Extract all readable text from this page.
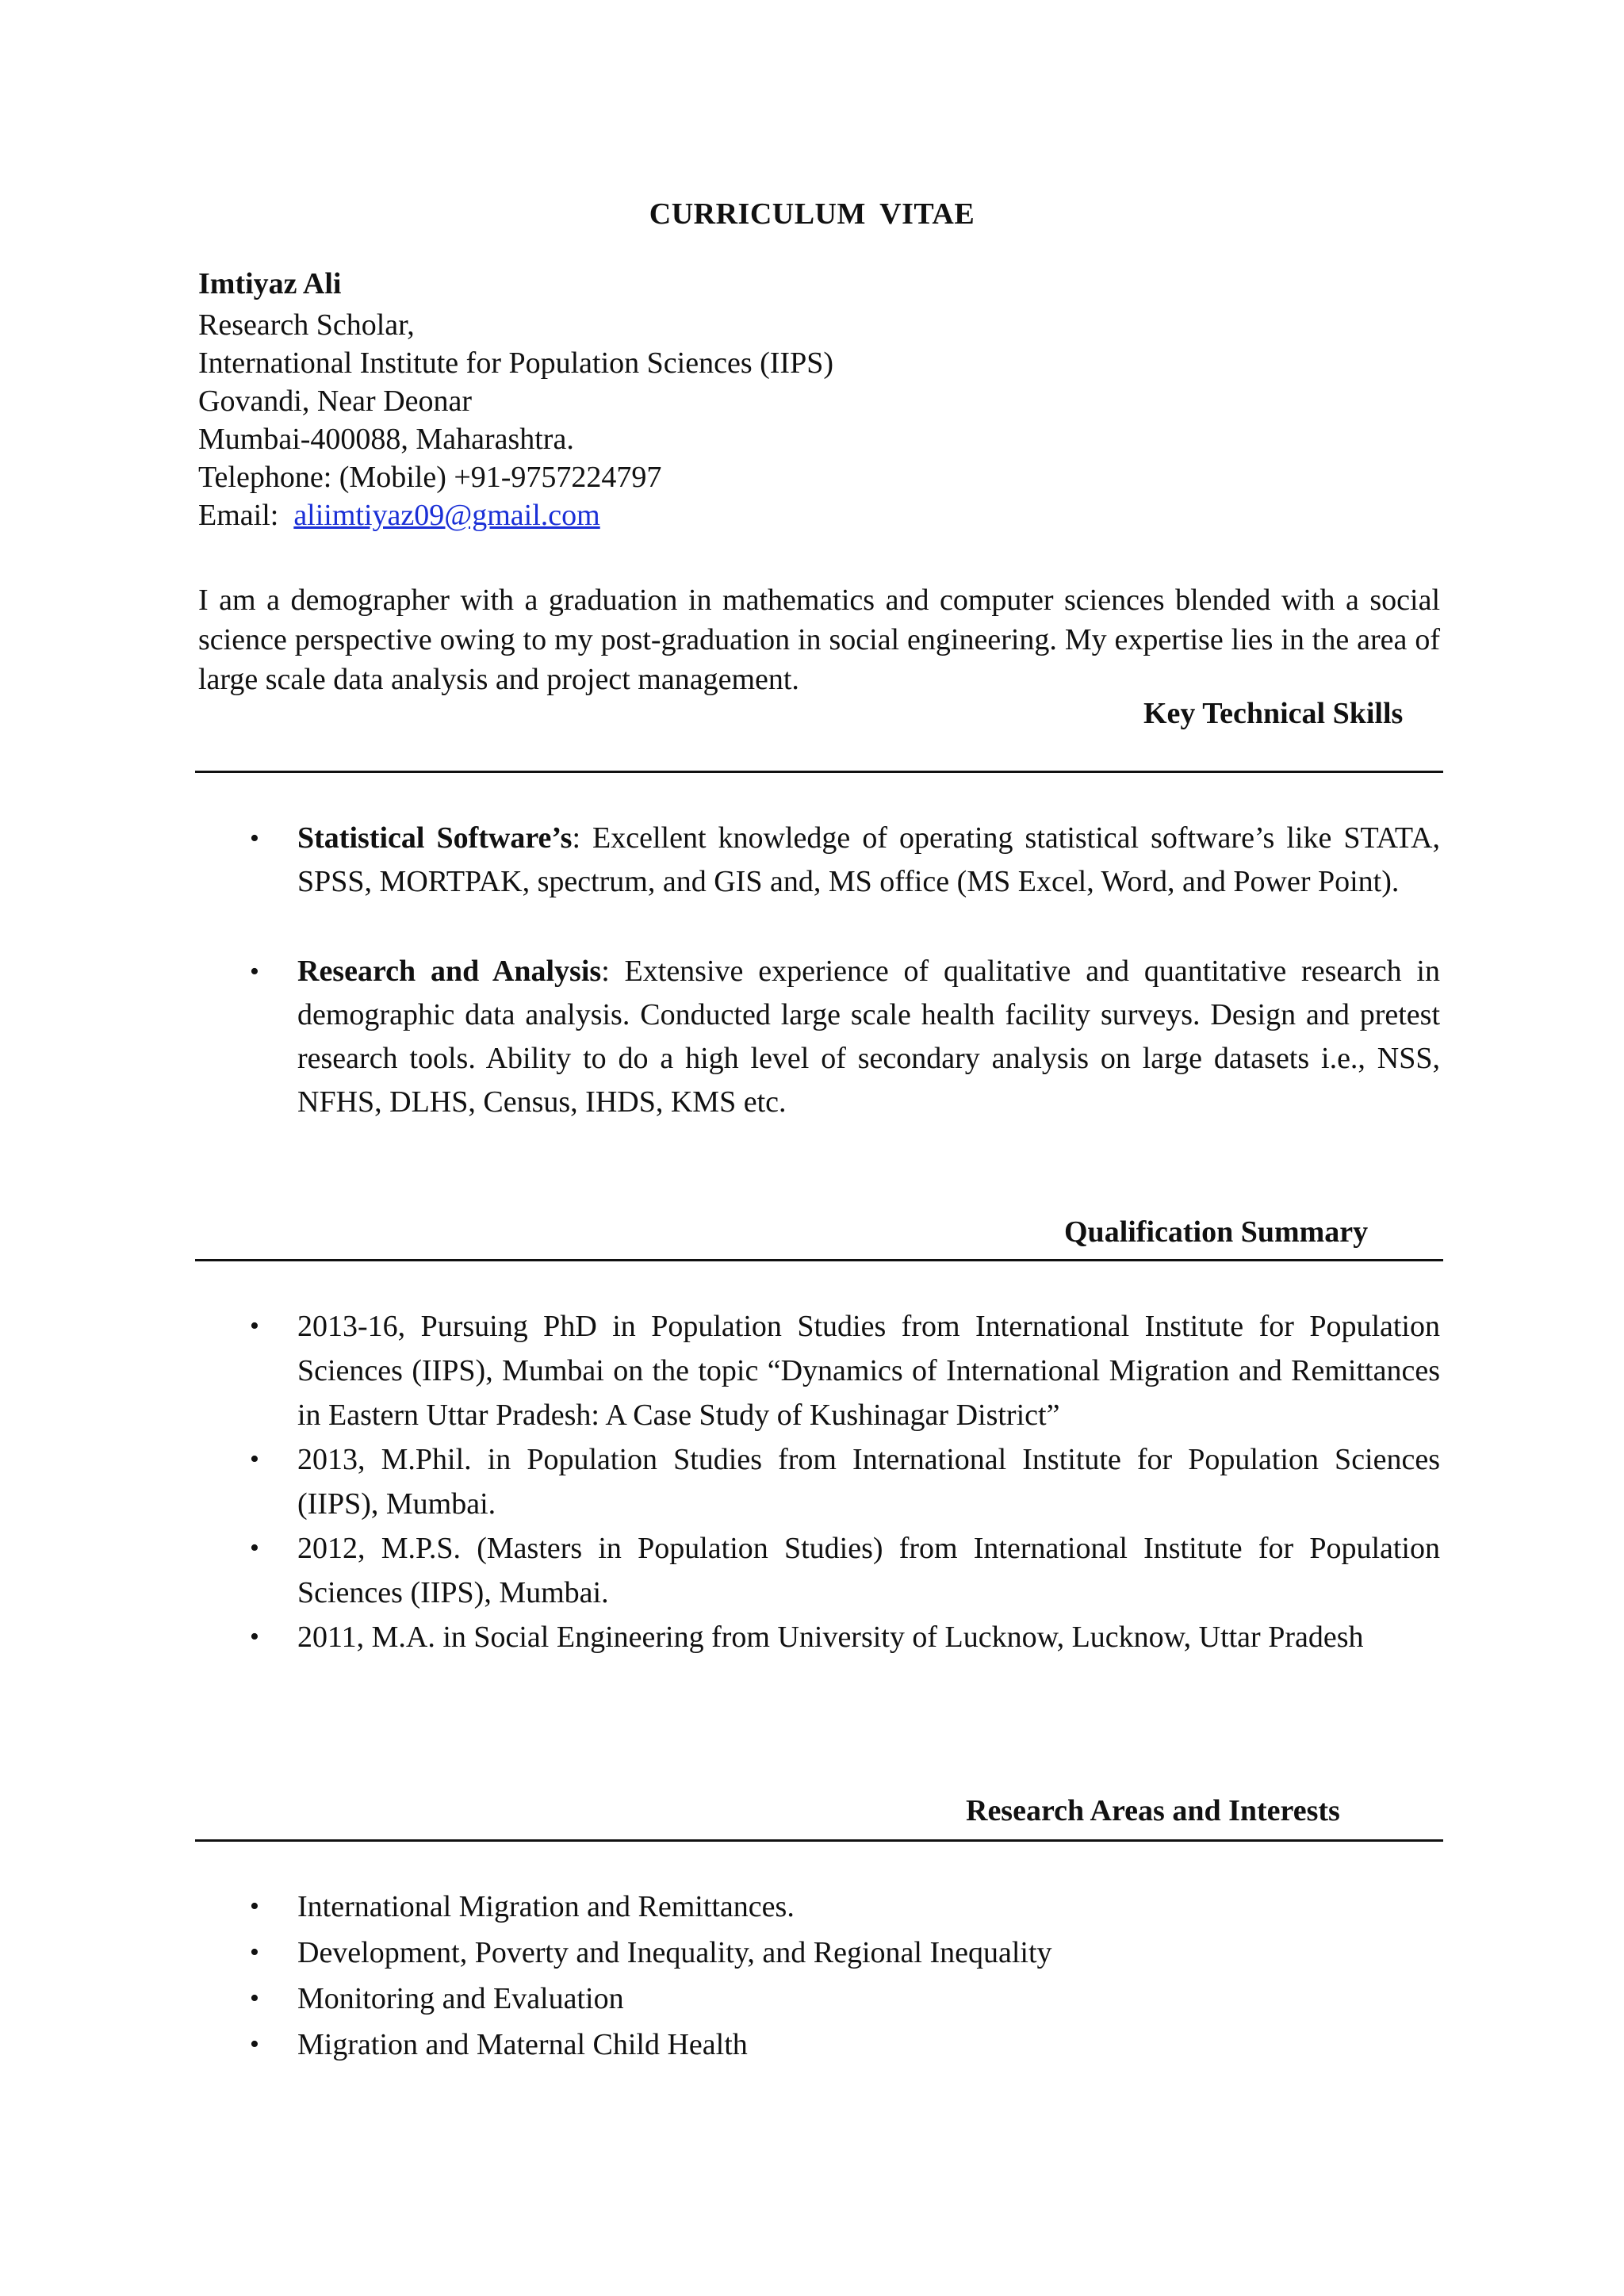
CURRICULUM VITAE
Imtiyaz Ali
Research Scholar,
International Institute for Population Sciences (IIPS)
Govandi, Near Deonar
Mumbai-400088, Maharashtra.
Telephone: (Mobile) +91-9757224797
Email: aliimtiyaz09@gmail.com
I am a demographer with a graduation in mathematics and computer sciences blended with a social science perspective owing to my post-graduation in social engineering. My expertise lies in the area of large scale data analysis and project management.
Key Technical Skills
• Statistical Software’s: Excellent knowledge of operating statistical software’s like STATA, SPSS, MORTPAK, spectrum, and GIS and, MS office (MS Excel, Word, and Power Point).
• Research and Analysis: Extensive experience of qualitative and quantitative research in demographic data analysis. Conducted large scale health facility surveys. Design and pretest research tools. Ability to do a high level of secondary analysis on large datasets i.e., NSS, NFHS, DLHS, Census, IHDS, KMS etc.
Qualification Summary
• 2013-16, Pursuing PhD in Population Studies from International Institute for Population Sciences (IIPS), Mumbai on the topic “Dynamics of International Migration and Remittances in Eastern Uttar Pradesh: A Case Study of Kushinagar District”
• 2013, M.Phil. in Population Studies from International Institute for Population Sciences (IIPS), Mumbai.
• 2012, M.P.S. (Masters in Population Studies) from International Institute for Population Sciences (IIPS), Mumbai.
• 2011, M.A. in Social Engineering from University of Lucknow, Lucknow, Uttar Pradesh
Research Areas and Interests
• International Migration and Remittances.
• Development, Poverty and Inequality, and Regional Inequality
• Monitoring and Evaluation
• Migration and Maternal Child Health
